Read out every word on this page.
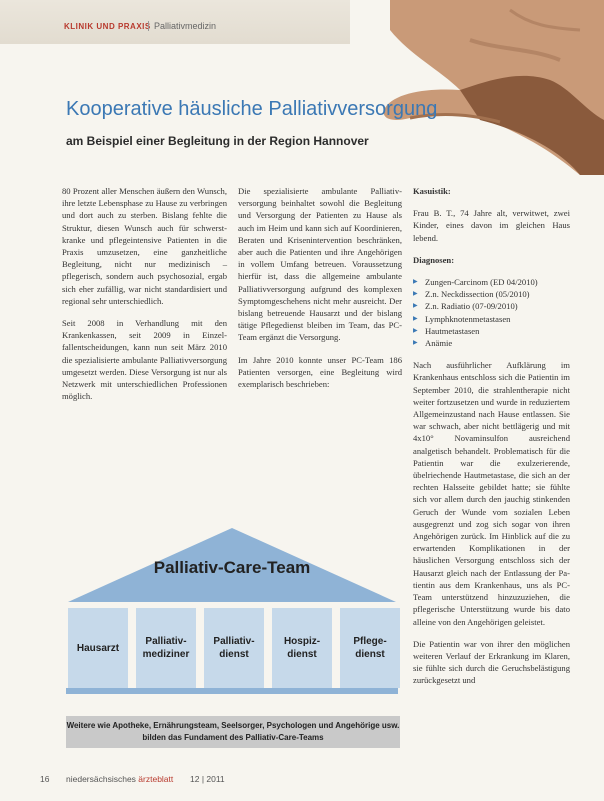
KLINIK UND PRAXIS Palliativmedizin
Kooperative häusliche Palliativversorgung
am Beispiel einer Begleitung in der Region Hannover

80 Prozent aller Menschen äußern den Wunsch, ihre letzte Lebensphase zu Hause zu verbringen und dort auch zu sterben. Bislang fehlte die Struktur, diesen Wunsch auch für schwerstkranke und pflegeintensive Patienten in die Praxis umzusetzen, eine ganzheitliche Begleitung, nicht nur medizinisch – pflegerisch, sondern auch psychosozial, ergab sich eher zufällig, war nicht standardisiert und regional sehr unterschiedlich.

Seit 2008 in Verhandlung mit den Krankenkassen, seit 2009 in Einzelfallentscheidungen, kann nun seit März 2010 die spezialisierte ambulante Palliativversorgung umgesetzt werden. Diese Versorgung ist nur als Netzwerk mit unterschiedlichen Professionen möglich.

Die spezialisierte ambulante Palliativversorgung beinhaltet sowohl die Begleitung und Versorgung der Patienten zu Hause als auch im Heim und kann sich auf Koordinieren, Beraten und Krisenintervention beschränken, aber auch die Patienten und ihre Angehörigen in vollem Umfang betreuen. Voraussetzung hierfür ist, dass die allgemeine ambulante Palliativversorgung aufgrund des komplexen Symptomgeschehens nicht mehr ausreicht. Der bislang betreuende Hausarzt und der bislang tätige Pflegedienst bleiben im Team, das PC-Team ergänzt die Versorgung.

Im Jahre 2010 konnte unser PC-Team 186 Patienten versorgen, eine Begleitung wird exemplarisch beschrieben:

Kasuistik:

Frau B. T., 74 Jahre alt, verwitwet, zwei Kinder, eines davon im gleichen Haus lebend.

Diagnosen:

▶ Zungen-Carcinom (ED 04/2010)
▶ Z.n. Neckdissection (05/2010)
▶ Z.n. Radiatio (07-09/2010)
▶ Lymphknotenmetastasen
▶ Hautmetastasen
▶ Anämie

Nach ausführlicher Aufklärung im Krankenhaus entschloss sich die Patientin im September 2010, die strahlentherapie nicht weiter fortzusetzen und wurde in reduziertem Allgemeinzustand nach Hause entlassen. Sie war schwach, aber nicht bettlägerig und mit 4x10° Novaminsulfon ausreichend analgetisch behandelt. Problematisch für die Patientin war die exulzerierende, übelriechende Hautmetastase, die sich an der rechten Halsseite gebildet hatte; sie fühlte sich vor allem durch den jauchig stinkenden Geruch der Wunde vom sozialen Leben ausgegrenzt und zog sich sogar von ihren Angehörigen zurück. Im Hinblick auf die zu erwartenden Komplikationen in der häuslichen Versorgung entschloss sich der Hausarzt gleich nach der Entlassung der Patientin aus dem Krankenhaus, uns als PC-Team unterstützend hinzuzuziehen, die pflegerische Unterstützung wurde bis dato alleine von den Angehörigen geleistet.

Die Patientin war von ihrer den möglichen weiteren Verlauf der Erkrankung im Klaren, sie fühlte sich durch die Geruchsbelästigung zurückgesetzt und

Palliativ-Care-Team
Hausarzt
Palliativ-
mediziner
Palliativ-
dienst
Hospiz-
dienst
Pflege-
dienst
Weitere wie Apotheke, Ernährungsteam, Seelsorger, Psychologen und Angehörige usw. bilden das Fundament des Palliativ-Care-Teams
16 niedersächsisches ärzteblatt 12 | 2011
